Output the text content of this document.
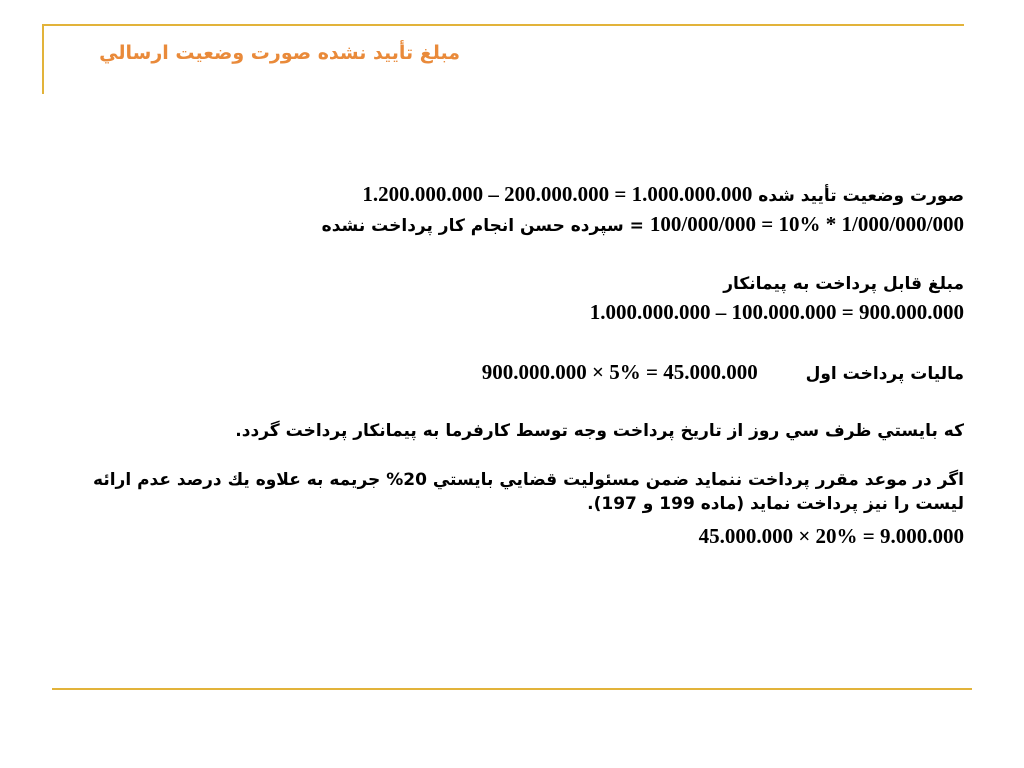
مبلغ تأييد نشده صورت وضعيت ارسالي
صورت وضعيت تأييد شده 1.200.000.000 – 200.000.000 = 1.000.000.000
100/000/000 = 10% * 1/000/000/000 = سپرده حسن انجام كار پرداخت نشده
مبلغ قابل پرداخت به پيمانكار
1.000.000.000 – 100.000.000 = 900.000.000
ماليات پرداخت اول  900.000.000 × 5% = 45.000.000
كه بايستي ظرف سي روز از تاريخ پرداخت وجه توسط كارفرما به پيمانكار پرداخت گردد.
اگر در موعد مقرر پرداخت ننمايد ضمن مسئوليت قضايي بايستي 20% جريمه به علاوه يك درصد عدم ارائه ليست را نيز پرداخت نمايد (ماده 199 و 197).
45.000.000 × 20% = 9.000.000
